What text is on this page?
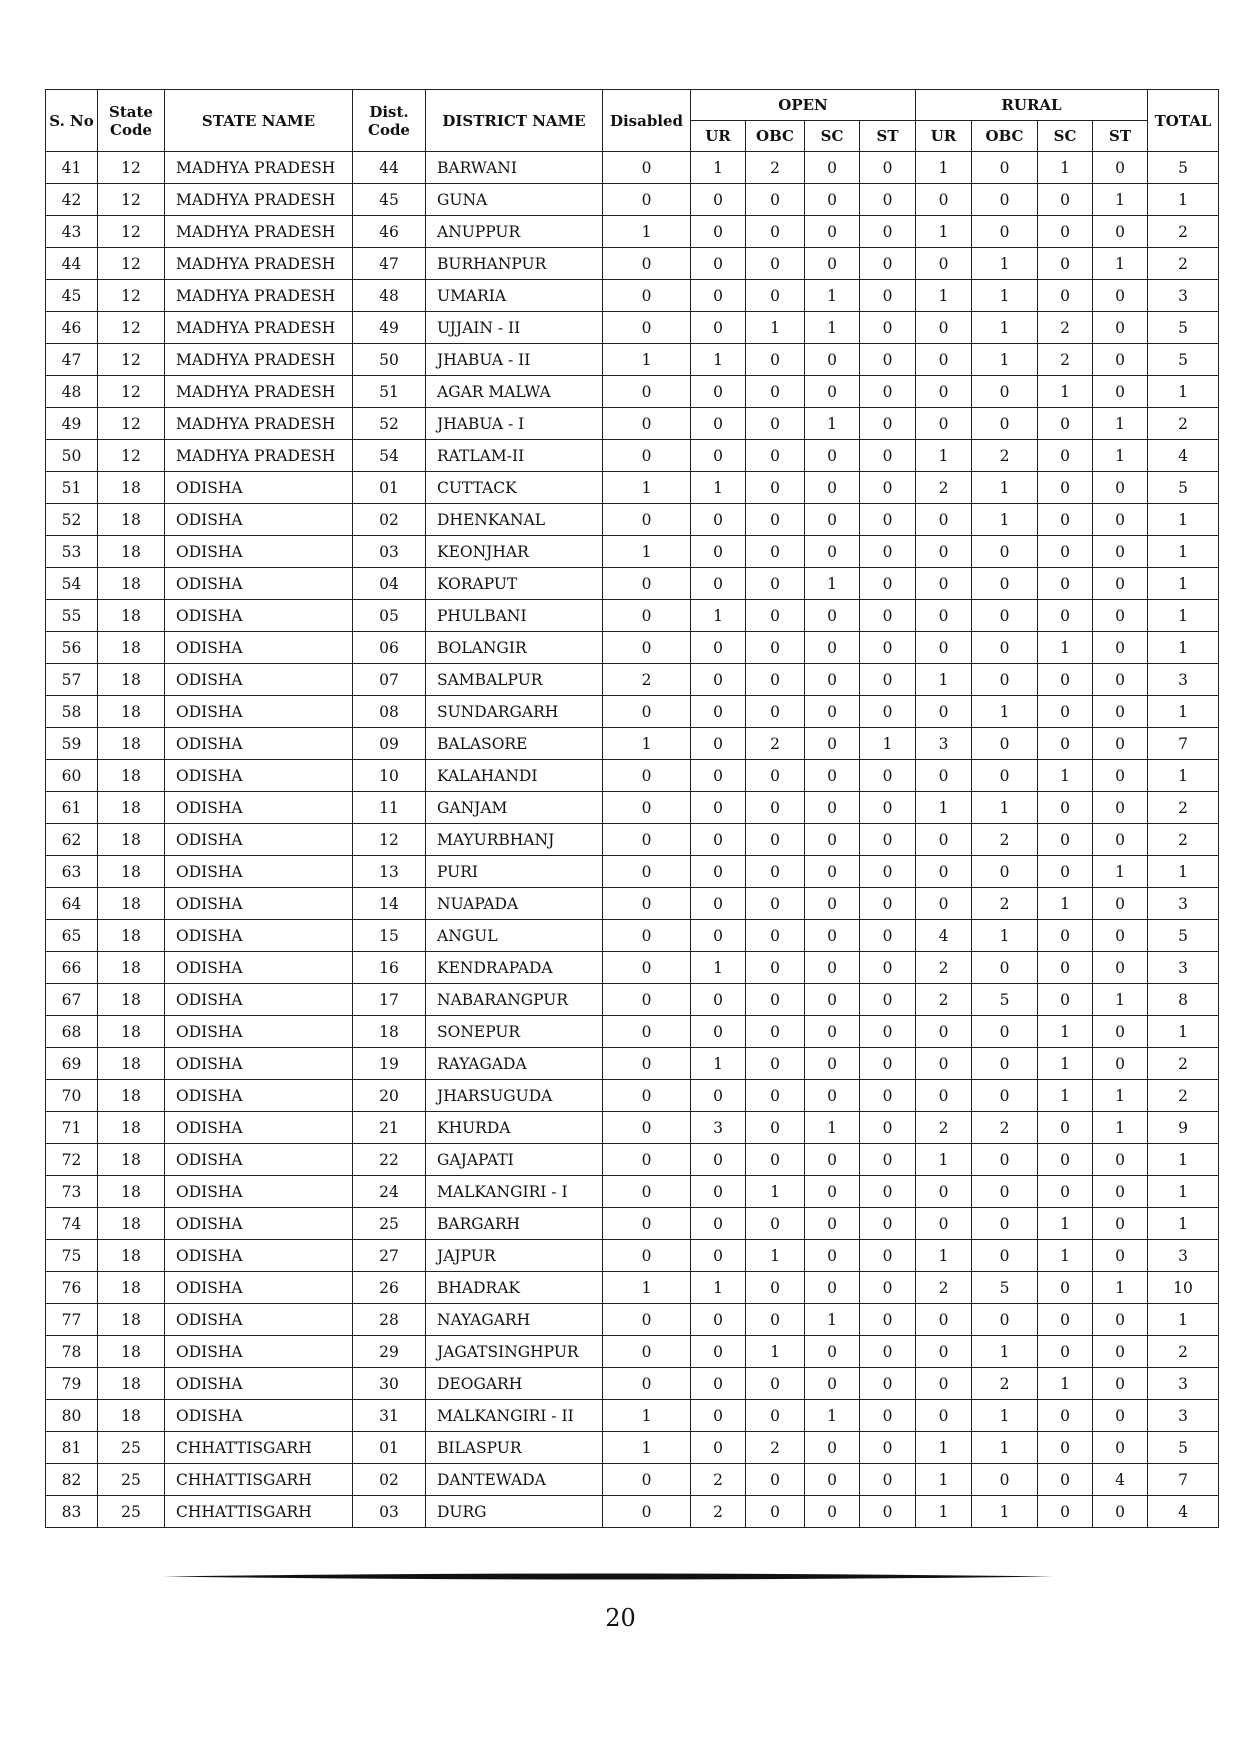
S. No	State Code	STATE NAME	Dist. Code	DISTRICT NAME	Disabled	OPEN				RURAL				TOTAL
						UR	OBC	SC	ST	UR	OBC	SC	ST	
41	12	MADHYA PRADESH	44	BARWANI	0	1	2	0	0	1	0	1	0	5
42	12	MADHYA PRADESH	45	GUNA	0	0	0	0	0	0	0	0	1	1
43	12	MADHYA PRADESH	46	ANUPPUR	1	0	0	0	0	1	0	0	0	2
44	12	MADHYA PRADESH	47	BURHANPUR	0	0	0	0	0	0	1	0	1	2
45	12	MADHYA PRADESH	48	UMARIA	0	0	0	1	0	1	1	0	0	3
46	12	MADHYA PRADESH	49	UJJAIN - II	0	0	1	1	0	0	1	2	0	5
47	12	MADHYA PRADESH	50	JHABUA - II	1	1	0	0	0	0	1	2	0	5
48	12	MADHYA PRADESH	51	AGAR MALWA	0	0	0	0	0	0	0	1	0	1
49	12	MADHYA PRADESH	52	JHABUA - I	0	0	0	1	0	0	0	0	1	2
50	12	MADHYA PRADESH	54	RATLAM-II	0	0	0	0	0	1	2	0	1	4
51	18	ODISHA	01	CUTTACK	1	1	0	0	0	2	1	0	0	5
52	18	ODISHA	02	DHENKANAL	0	0	0	0	0	0	1	0	0	1
53	18	ODISHA	03	KEONJHAR	1	0	0	0	0	0	0	0	0	1
54	18	ODISHA	04	KORAPUT	0	0	0	1	0	0	0	0	0	1
55	18	ODISHA	05	PHULBANI	0	1	0	0	0	0	0	0	0	1
56	18	ODISHA	06	BOLANGIR	0	0	0	0	0	0	0	1	0	1
57	18	ODISHA	07	SAMBALPUR	2	0	0	0	0	1	0	0	0	3
58	18	ODISHA	08	SUNDARGARH	0	0	0	0	0	0	1	0	0	1
59	18	ODISHA	09	BALASORE	1	0	2	0	1	3	0	0	0	7
60	18	ODISHA	10	KALAHANDI	0	0	0	0	0	0	0	1	0	1
61	18	ODISHA	11	GANJAM	0	0	0	0	0	1	1	0	0	2
62	18	ODISHA	12	MAYURBHANJ	0	0	0	0	0	0	2	0	0	2
63	18	ODISHA	13	PURI	0	0	0	0	0	0	0	0	1	1
64	18	ODISHA	14	NUAPADA	0	0	0	0	0	0	2	1	0	3
65	18	ODISHA	15	ANGUL	0	0	0	0	0	4	1	0	0	5
66	18	ODISHA	16	KENDRAPADA	0	1	0	0	0	2	0	0	0	3
67	18	ODISHA	17	NABARANGPUR	0	0	0	0	0	2	5	0	1	8
68	18	ODISHA	18	SONEPUR	0	0	0	0	0	0	0	1	0	1
69	18	ODISHA	19	RAYAGADA	0	1	0	0	0	0	0	1	0	2
70	18	ODISHA	20	JHARSUGUDA	0	0	0	0	0	0	0	1	1	2
71	18	ODISHA	21	KHURDA	0	3	0	1	0	2	2	0	1	9
72	18	ODISHA	22	GAJAPATI	0	0	0	0	0	1	0	0	0	1
73	18	ODISHA	24	MALKANGIRI - I	0	0	1	0	0	0	0	0	0	1
74	18	ODISHA	25	BARGARH	0	0	0	0	0	0	0	1	0	1
75	18	ODISHA	27	JAJPUR	0	0	1	0	0	1	0	1	0	3
76	18	ODISHA	26	BHADRAK	1	1	0	0	0	2	5	0	1	10
77	18	ODISHA	28	NAYAGARH	0	0	0	1	0	0	0	0	0	1
78	18	ODISHA	29	JAGATSINGHPUR	0	0	1	0	0	0	1	0	0	2
79	18	ODISHA	30	DEOGARH	0	0	0	0	0	0	2	1	0	3
80	18	ODISHA	31	MALKANGIRI - II	1	0	0	1	0	0	1	0	0	3
81	25	CHHATTISGARH	01	BILASPUR	1	0	2	0	0	1	1	0	0	5
82	25	CHHATTISGARH	02	DANTEWADA	0	2	0	0	0	1	0	0	4	7
83	25	CHHATTISGARH	03	DURG	0	2	0	0	0	1	1	0	0	4
20
